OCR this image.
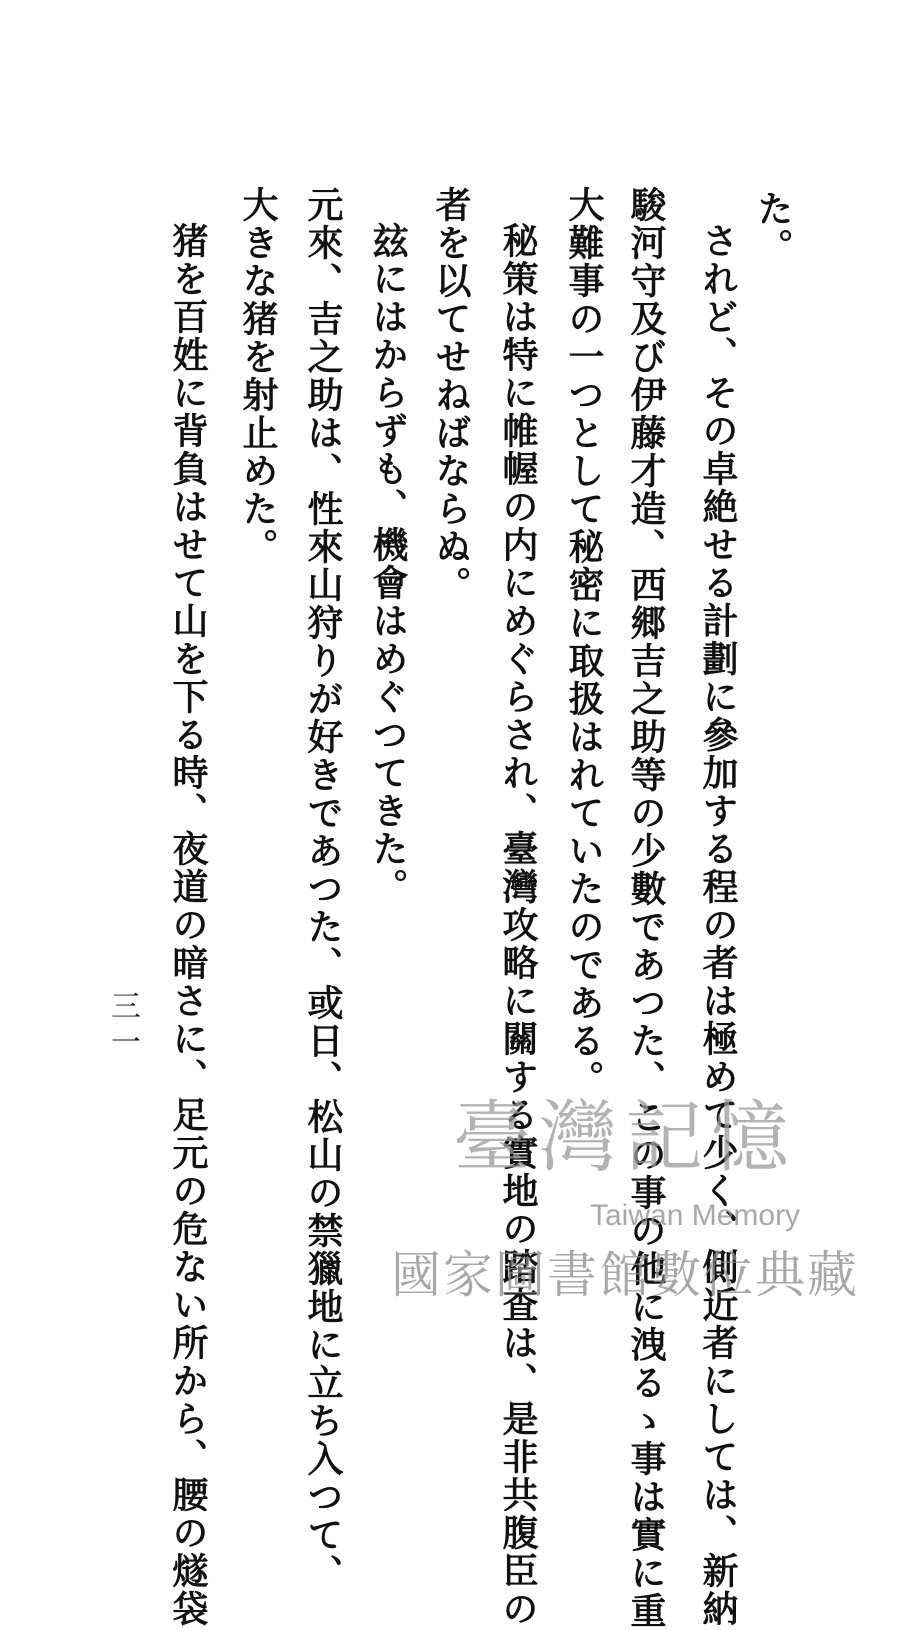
た。
されど、その卓絶せる計劃に參加する程の者は極めて少く、側近者にしては、新納
駿河守及び伊藤才造、西郷吉之助等の少數であつた、この事の他に洩るゝ事は實に重
大難事の一つとして秘密に取扱はれていたのである。
秘策は特に帷幄の内にめぐらされ、臺灣攻略に關する實地の踏査は、是非共腹臣の
者を以てせねばならぬ。
玆にはからずも、機會はめぐつてきた。
元來、吉之助は、性來山狩りが好きであつた、或日、松山の禁獵地に立ち入つて、
大きな猪を射止めた。
猪を百姓に背負はせて山を下る時、夜道の暗さに、足元の危ない所から、腰の燧袋
三一
臺灣記憶
Taiwan Memory
國家圖書館數位典藏
